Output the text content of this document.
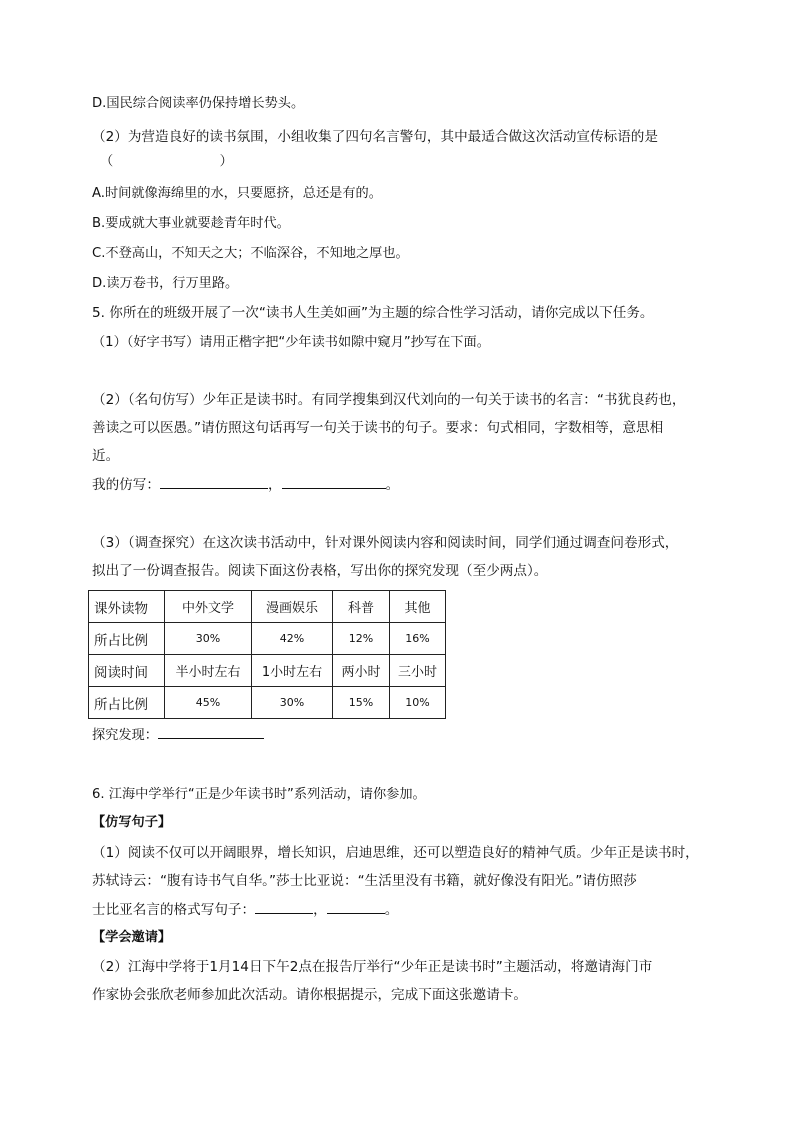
D.国民综合阅读率仍保持增长势头。
（2）为营造良好的读书氛围，小组收集了四句名言警句，其中最适合做这次活动宣传标语的是
（	）
A.时间就像海绵里的水，只要愿挤，总还是有的。
B.要成就大事业就要趁青年时代。
C.不登高山，不知天之大；不临深谷，不知地之厚也。
D.读万卷书，行万里路。
5. 你所在的班级开展了一次“读书人生美如画”为主题的综合性学习活动，请你完成以下任务。
（1）（好字书写）请用正楷字把“少年读书如隙中窥月”抄写在下面。
（2）（名句仿写）少年正是读书时。有同学搜集到汉代刘向的一句关于读书的名言：“书犹良药也，
善读之可以医愚。”请仿照这句话再写一句关于读书的句子。要求：句式相同，字数相等，意思相
近。
我的仿写：	，	。
（3）（调查探究）在这次读书活动中，针对课外阅读内容和阅读时间，同学们通过调查问卷形式，
拟出了一份调查报告。阅读下面这份表格，写出你的探究发现（至少两点）。
课外读物	中外文学	漫画娱乐	科普	其他
所占比例	30%	42%	12%	16%
阅读时间	半小时左右	1小时左右	两小时	三小时
所占比例	45%	30%	15%	10%
探究发现：
6. 江海中学举行“正是少年读书时”系列活动，请你参加。
【仿写句子】
（1）阅读不仅可以开阔眼界，增长知识，启迪思维，还可以塑造良好的精神气质。少年正是读书时，
苏轼诗云：“腹有诗书气自华。”莎士比亚说：“生活里没有书籍，就好像没有阳光。”请仿照莎
士比亚名言的格式写句子：	，	。
【学会邀请】
（2）江海中学将于1月14日下午2点在报告厅举行“少年正是读书时”主题活动，将邀请海门市
作家协会张欣老师参加此次活动。请你根据提示，完成下面这张邀请卡。
